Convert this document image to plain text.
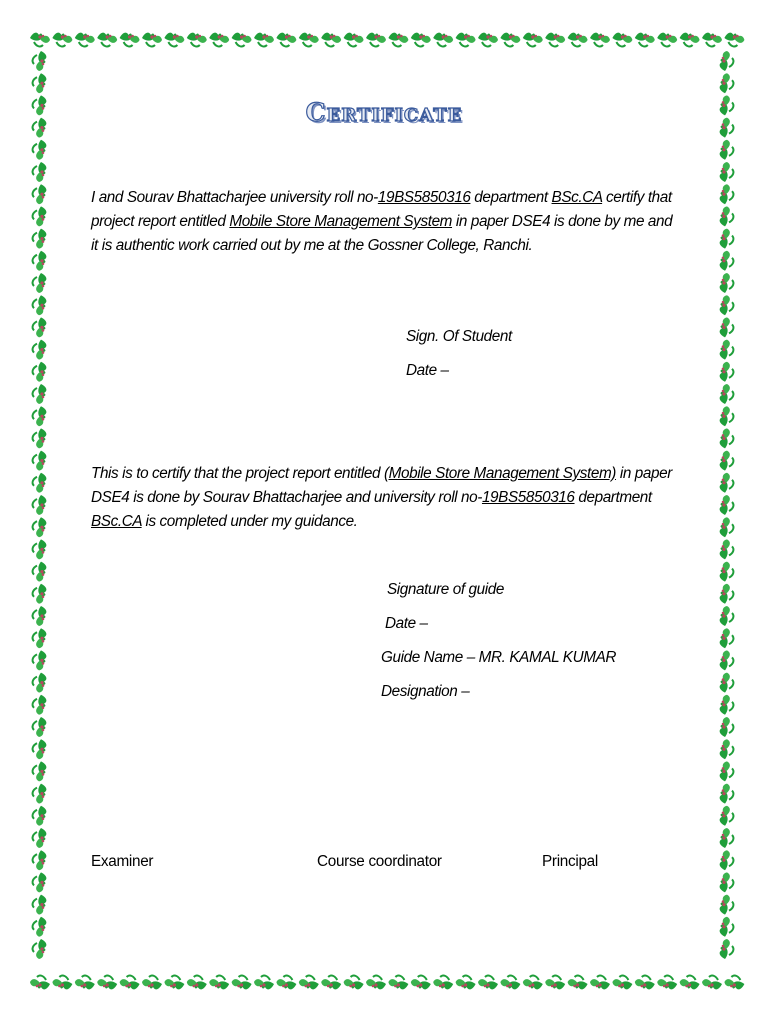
Certificate
I and Sourav Bhattacharjee university roll no-19BS5850316 department BSc.CA certify that project report entitled Mobile Store Management System in paper DSE4 is done by me and it is authentic work carried out by me at the Gossner College, Ranchi.
Sign. Of Student
Date –
This is to certify that the project report entitled (Mobile Store Management System) in paper DSE4 is done by Sourav Bhattacharjee and university roll no-19BS5850316 department BSc.CA is completed under my guidance.
Signature of guide
Date –
Guide Name – MR. KAMAL KUMAR
Designation –
Examiner	Course coordinator	Principal
